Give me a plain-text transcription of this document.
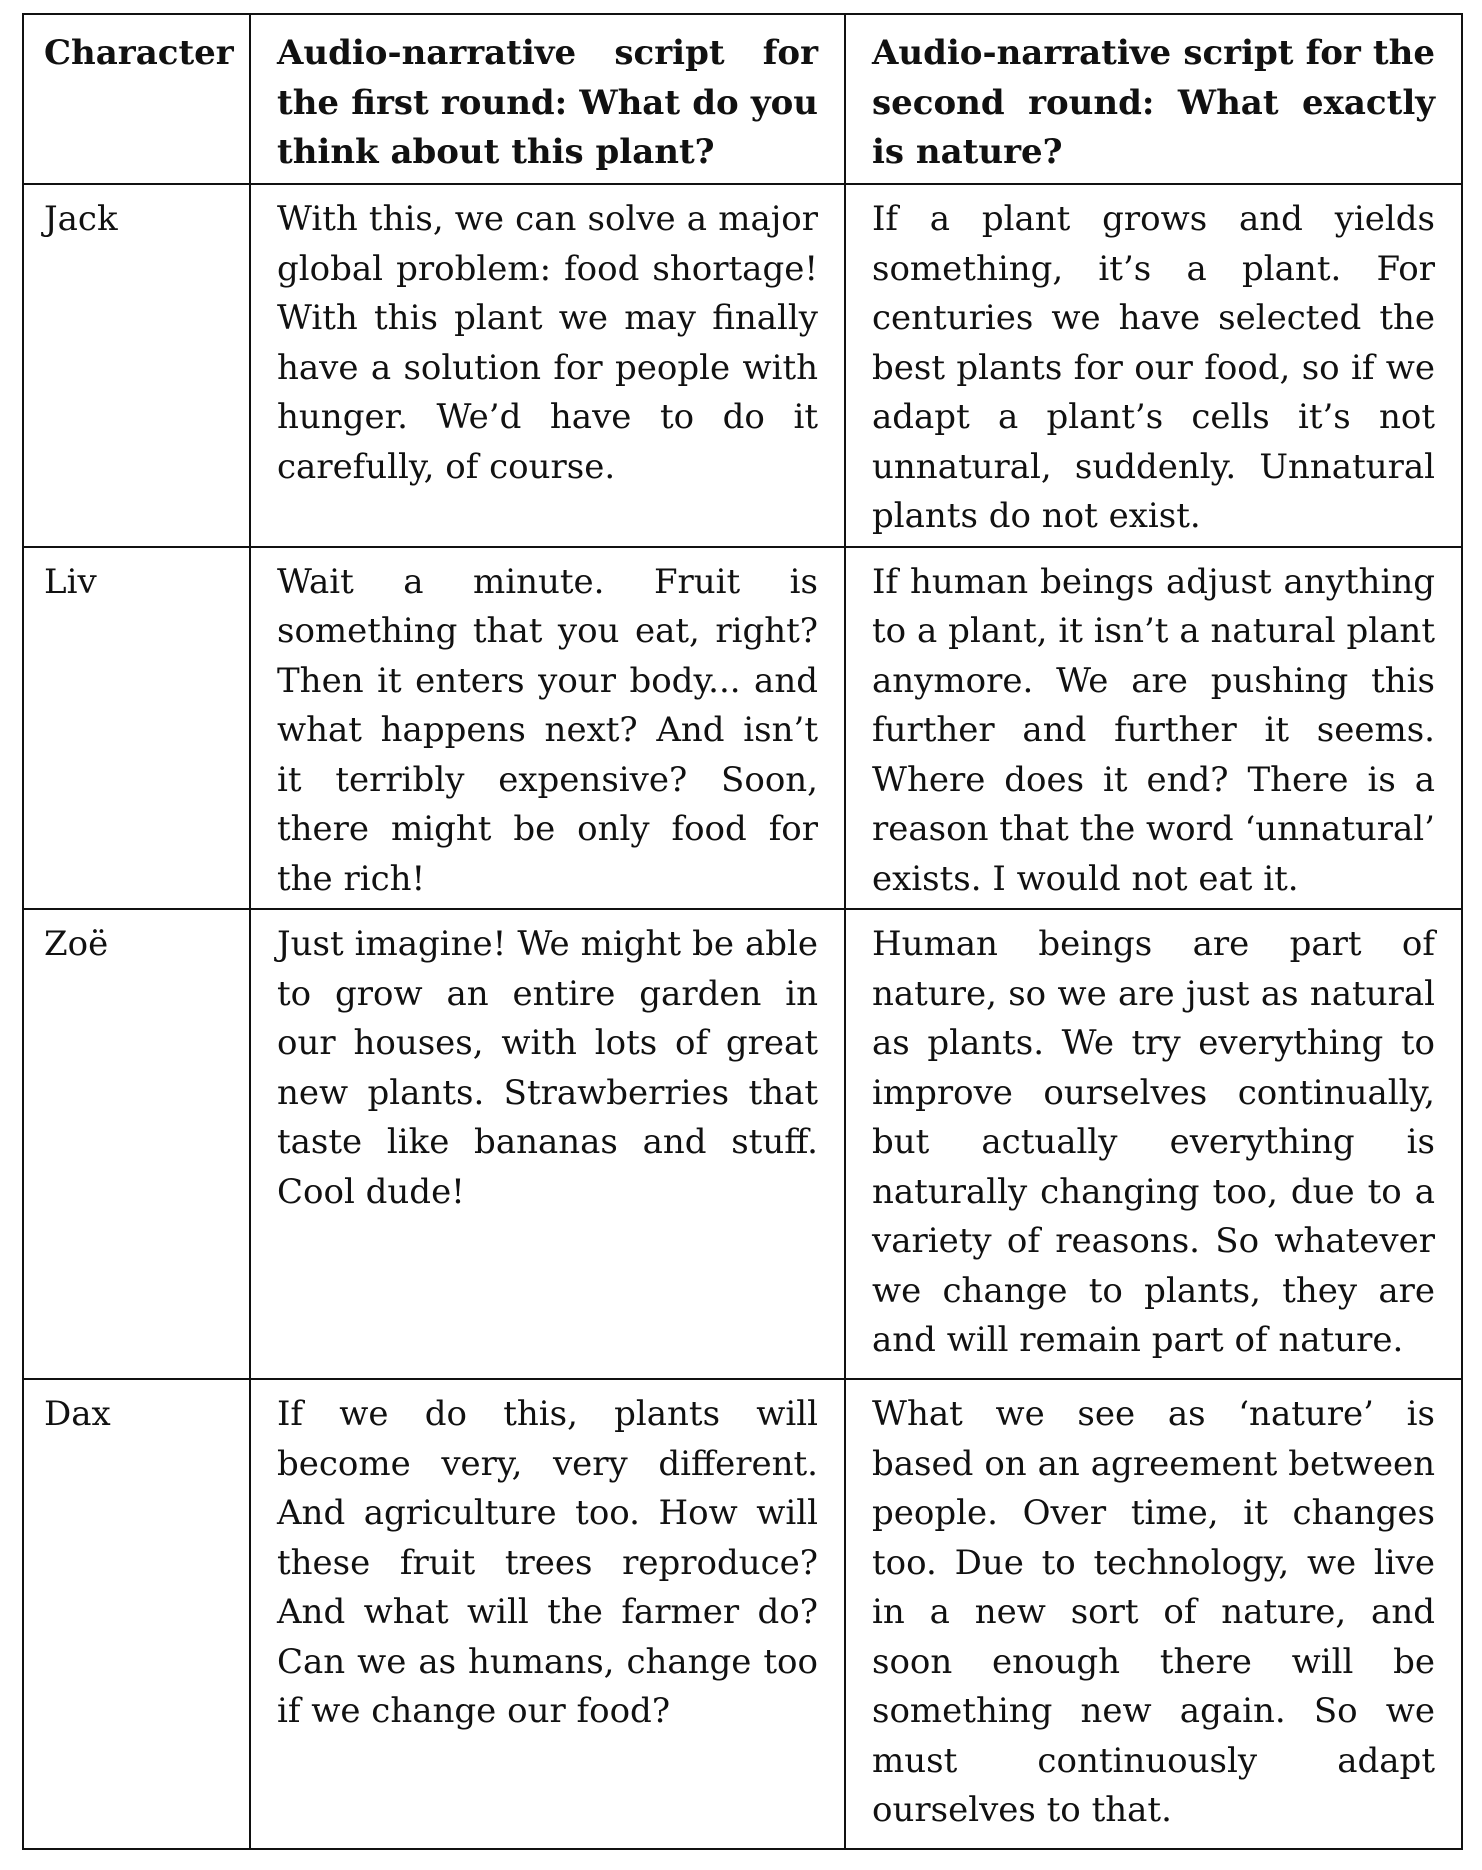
Character	Audio-narrative script for the first round: What do you think about this plant?	Audio-narrative script for the second round: What exactly is nature?
Jack	With this, we can solve a major global problem: food shortage! With this plant we may finally have a solution for people with hunger. We’d have to do it carefully, of course.	If a plant grows and yields something, it’s a plant. For centuries we have selected the best plants for our food, so if we adapt a plant’s cells it’s not unnatural, suddenly. Unnatural plants do not exist.
Liv	Wait a minute. Fruit is something that you eat, right? Then it enters your body... and what happens next? And isn’t it terribly expensive? Soon, there might be only food for the rich!	If human beings adjust anything to a plant, it isn’t a natural plant anymore. We are pushing this further and further it seems. Where does it end? There is a reason that the word ‘unnatural’ exists. I would not eat it.
Zoë	Just imagine! We might be able to grow an entire garden in our houses, with lots of great new plants. Strawberries that taste like bananas and stuff. Cool dude!	Human beings are part of nature, so we are just as natural as plants. We try everything to improve ourselves continually, but actually everything is naturally changing too, due to a variety of reasons. So whatever we change to plants, they are and will remain part of nature.
Dax	If we do this, plants will become very, very different. And agriculture too. How will these fruit trees reproduce? And what will the farmer do? Can we as humans, change too if we change our food?	What we see as ‘nature’ is based on an agreement between people. Over time, it changes too. Due to technology, we live in a new sort of nature, and soon enough there will be something new again. So we must continuously adapt ourselves to that.
